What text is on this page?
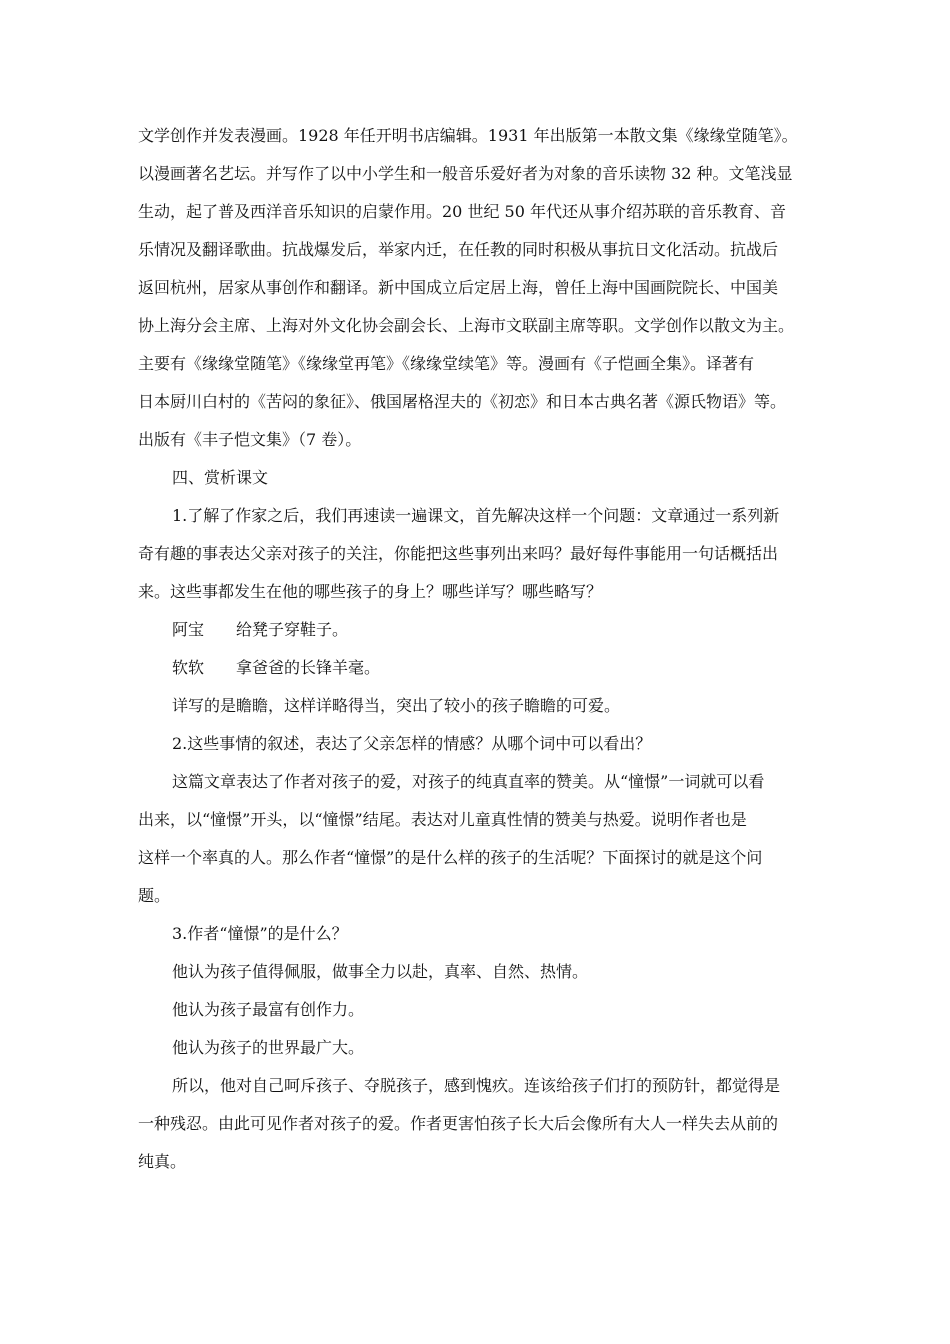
文学创作并发表漫画。1928 年任开明书店编辑。1931 年出版第一本散文集《缘缘堂随笔》。
以漫画著名艺坛。并写作了以中小学生和一般音乐爱好者为对象的音乐读物 32 种。文笔浅显
生动，起了普及西洋音乐知识的启蒙作用。20 世纪 50 年代还从事介绍苏联的音乐教育、音
乐情况及翻译歌曲。抗战爆发后，举家内迁，在任教的同时积极从事抗日文化活动。抗战后
返回杭州，居家从事创作和翻译。新中国成立后定居上海，曾任上海中国画院院长、中国美
协上海分会主席、上海对外文化协会副会长、上海市文联副主席等职。文学创作以散文为主。
主要有《缘缘堂随笔》《缘缘堂再笔》《缘缘堂续笔》等。漫画有《子恺画全集》。译著有
日本厨川白村的《苦闷的象征》、俄国屠格涅夫的《初恋》和日本古典名著《源氏物语》等。
出版有《丰子恺文集》（7 卷）。
四、赏析课文
1.了解了作家之后，我们再速读一遍课文，首先解决这样一个问题：文章通过一系列新
奇有趣的事表达父亲对孩子的关注，你能把这些事列出来吗？最好每件事能用一句话概括出
来。这些事都发生在他的哪些孩子的身上？哪些详写？哪些略写？
阿宝 给凳子穿鞋子。
软软 拿爸爸的长锋羊毫。
详写的是瞻瞻，这样详略得当，突出了较小的孩子瞻瞻的可爱。
2.这些事情的叙述，表达了父亲怎样的情感？从哪个词中可以看出？
这篇文章表达了作者对孩子的爱，对孩子的纯真直率的赞美。从“憧憬”一词就可以看
出来，以“憧憬”开头，以“憧憬”结尾。表达对儿童真性情的赞美与热爱。说明作者也是
这样一个率真的人。那么作者“憧憬”的是什么样的孩子的生活呢？下面探讨的就是这个问
题。
3.作者“憧憬”的是什么？
他认为孩子值得佩服，做事全力以赴，真率、自然、热情。
他认为孩子最富有创作力。
他认为孩子的世界最广大。
所以，他对自己呵斥孩子、夺脱孩子，感到愧疚。连该给孩子们打的预防针，都觉得是
一种残忍。由此可见作者对孩子的爱。作者更害怕孩子长大后会像所有大人一样失去从前的
纯真。
